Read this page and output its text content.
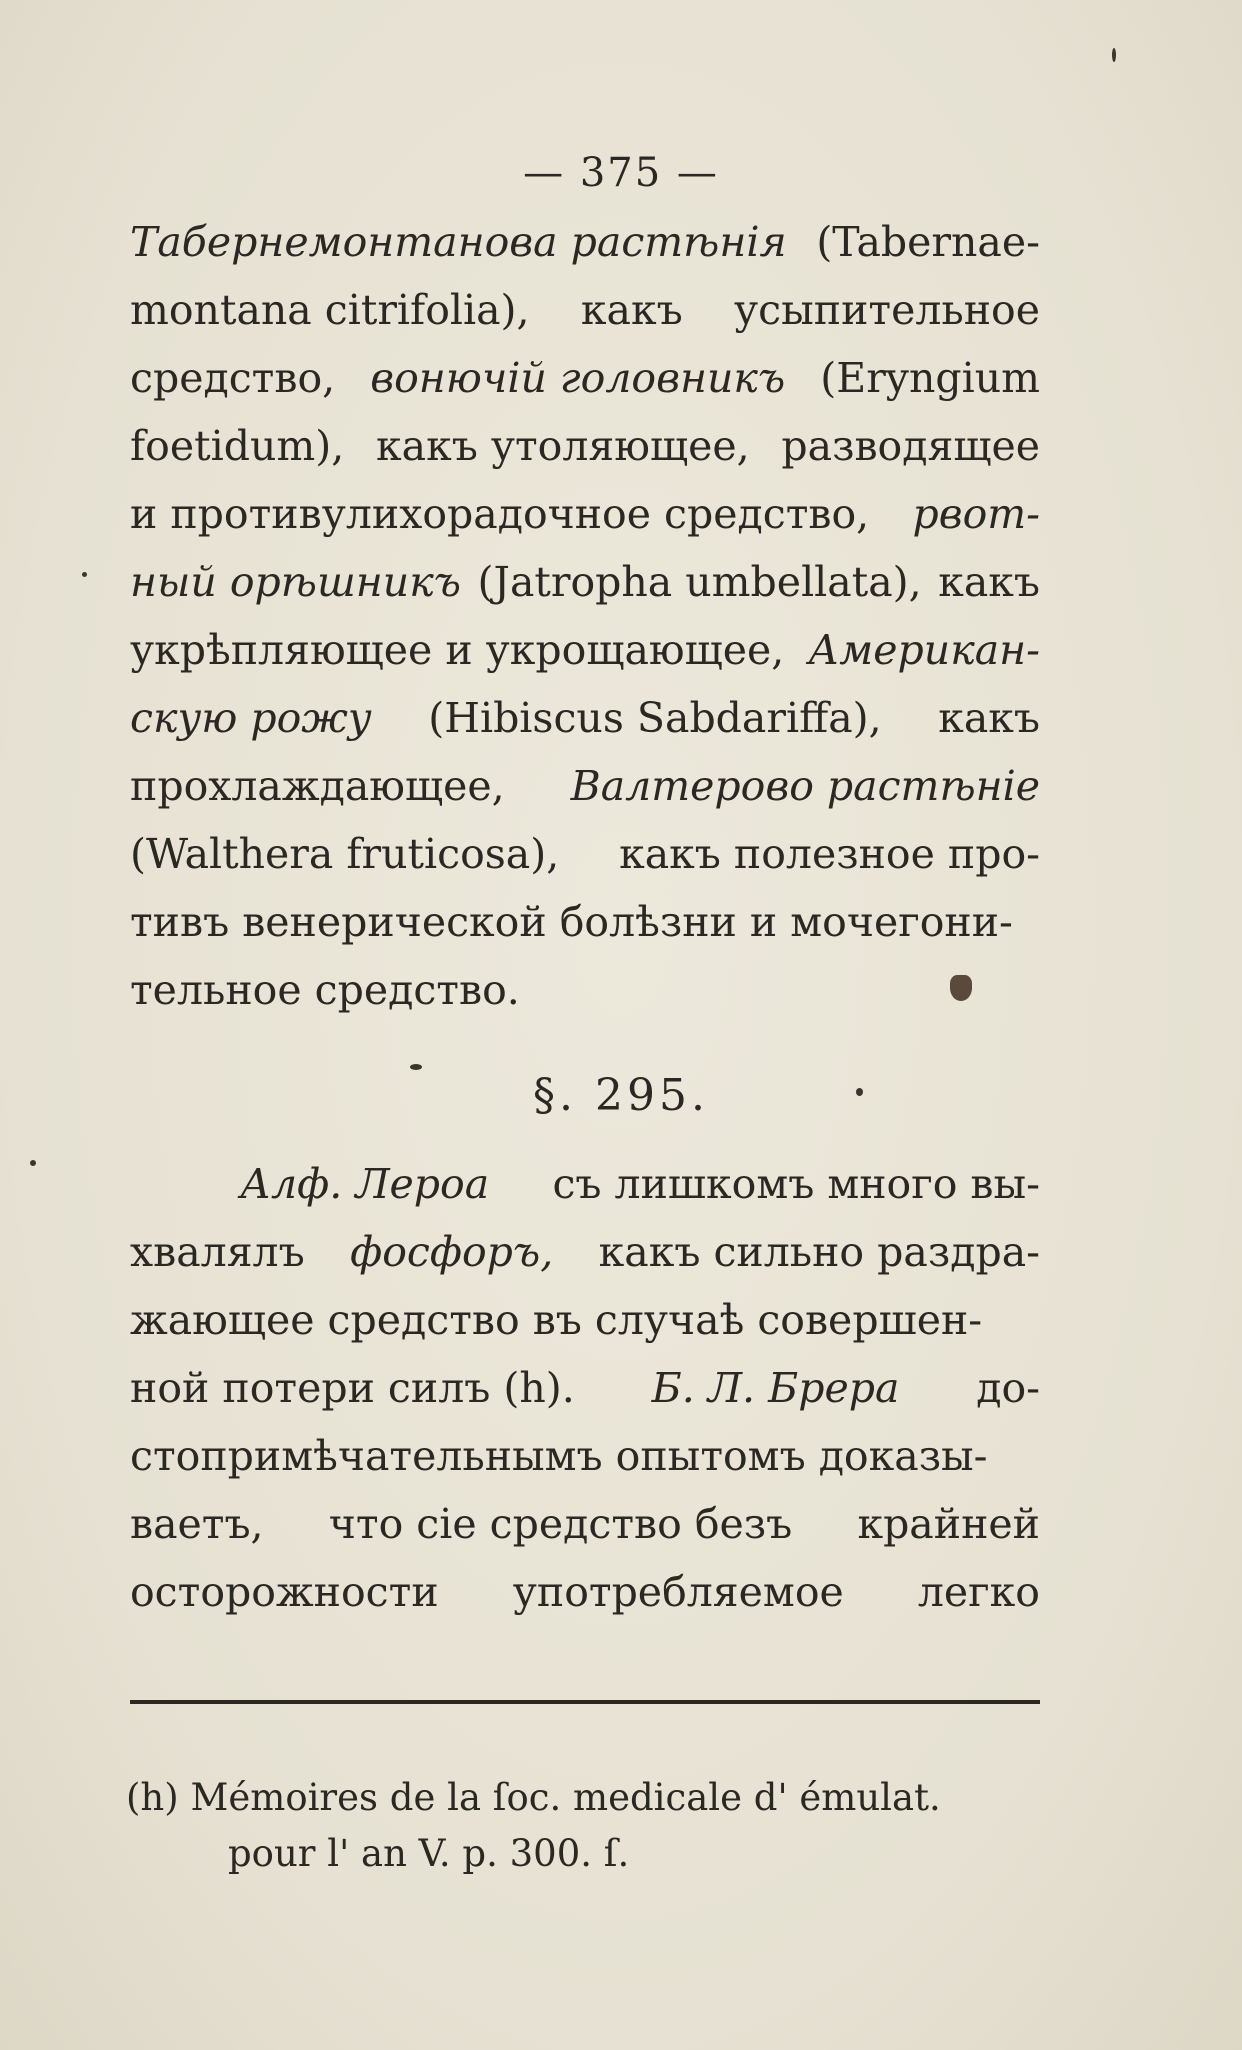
— 375 —
Табернемонтанова растѣнія (Tabernae-
montana citrifolia), какъ усыпительное
средство, вонючій головникъ (Eryngium
foetidum), какъ утоляющее, разводящее
и противулихорадочное средство, рвот-
ный орѣшникъ (Jatropha umbellata), какъ
укрѣпляющее и укрощающее, Американ-
скую рожу (Hibiscus Sabdariffa), какъ
прохлаждающее, Валтерово растѣніе
(Walthera fruticosa), какъ полезное про-
тивъ венерической болѣзни и мочегони-
тельное средство.
§. 295.
Алф. Лероа съ лишкомъ много вы-
хвалялъ фосфоръ, какъ сильно раздра-
жающее средство въ случаѣ совершен-
ной потери силъ (h). Б. Л. Брера до-
стопримѣчательнымъ опытомъ доказы-
ваетъ, что сіе средство безъ крайней
осторожности употребляемое легко
(h) Mémoires de la ſoc. medicale d' émulat.
pour l' an V. p. 300. ſ.
